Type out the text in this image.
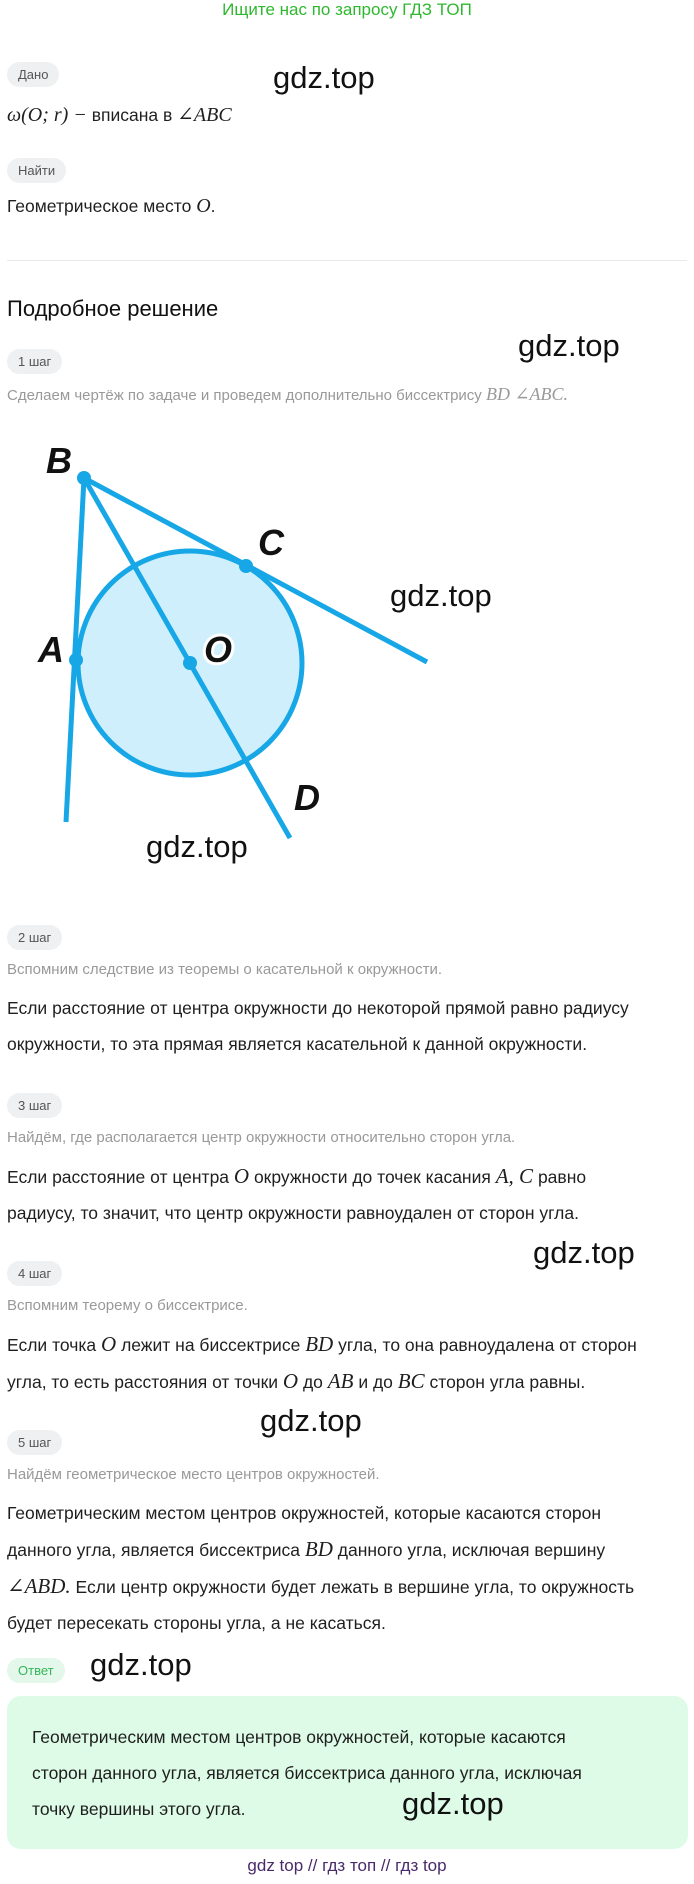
Ищите нас по запросу ГДЗ ТОП
Дано	gdz.top
ω(O; r) − вписана в ∠ABC
Найти
Геометрическое место O.
Подробное решение
1 шаг	gdz.top
Сделаем чертёж по задаче и проведем дополнительно биссектрису BD ∠ABC.
B
C
A	O
D
gdz.top
gdz.top
2 шаг
Вспомним следствие из теоремы о касательной к окружности.
Если расстояние от центра окружности до некоторой прямой равно радиусу
окружности, то эта прямая является касательной к данной окружности.
3 шаг
Найдём, где располагается центр окружности относительно сторон угла.
Если расстояние от центра O окружности до точек касания A, C равно
радиусу, то значит, что центр окружности равноудален от сторон угла.
gdz.top
4 шаг
Вспомним теорему о биссектрисе.
Если точка O лежит на биссектрисе BD угла, то она равноудалена от сторон
угла, то есть расстояния от точки O до AB и до BC сторон угла равны.
gdz.top
5 шаг
Найдём геометрическое место центров окружностей.
Геометрическим местом центров окружностей, которые касаются сторон
данного угла, является биссектриса BD данного угла, исключая вершину
∠ABD. Если центр окружности будет лежать в вершине угла, то окружность
будет пересекать стороны угла, а не касаться.
Ответ	gdz.top
Геометрическим местом центров окружностей, которые касаются
сторон данного угла, является биссектриса данного угла, исключая
точку вершины этого угла.	gdz.top
gdz top // гдз топ // гдз top
